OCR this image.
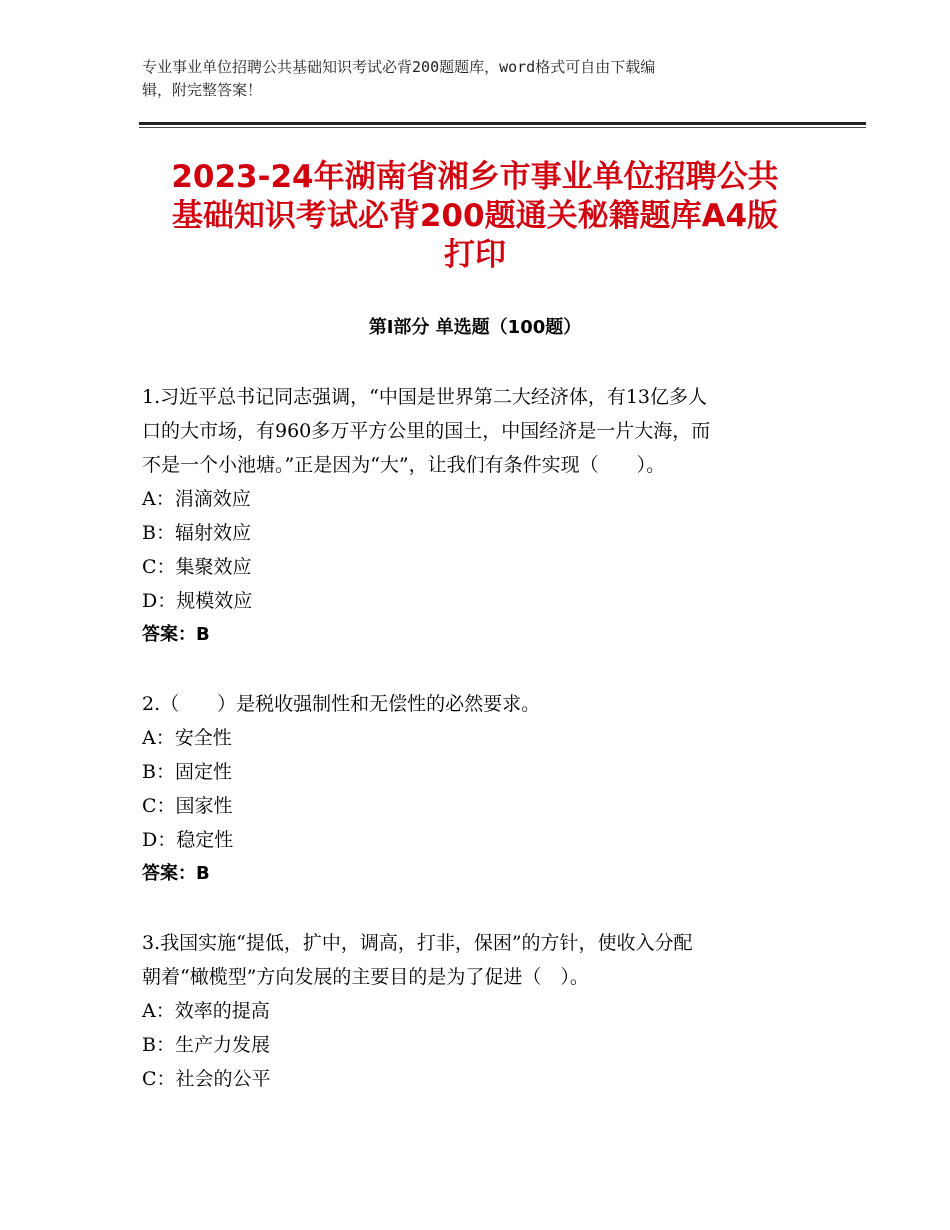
专业事业单位招聘公共基础知识考试必背200题题库，word格式可自由下载编
辑，附完整答案！
2023-24年湖南省湘乡市事业单位招聘公共
基础知识考试必背200题通关秘籍题库A4版
打印
第I部分 单选题（100题）
1.习近平总书记同志强调，“中国是世界第二大经济体，有13亿多人
口的大市场，有960多万平方公里的国土，中国经济是一片大海，而
不是一个小池塘。”正是因为“大”，让我们有条件实现（　　）。
A：涓滴效应
B：辐射效应
C：集聚效应
D：规模效应
答案：B
2.（　　）是税收强制性和无偿性的必然要求。
A：安全性
B：固定性
C：国家性
D：稳定性
答案：B
3.我国实施“提低，扩中，调高，打非，保困”的方针，使收入分配
朝着“橄榄型”方向发展的主要目的是为了促进（　）。
A：效率的提高
B：生产力发展
C：社会的公平
